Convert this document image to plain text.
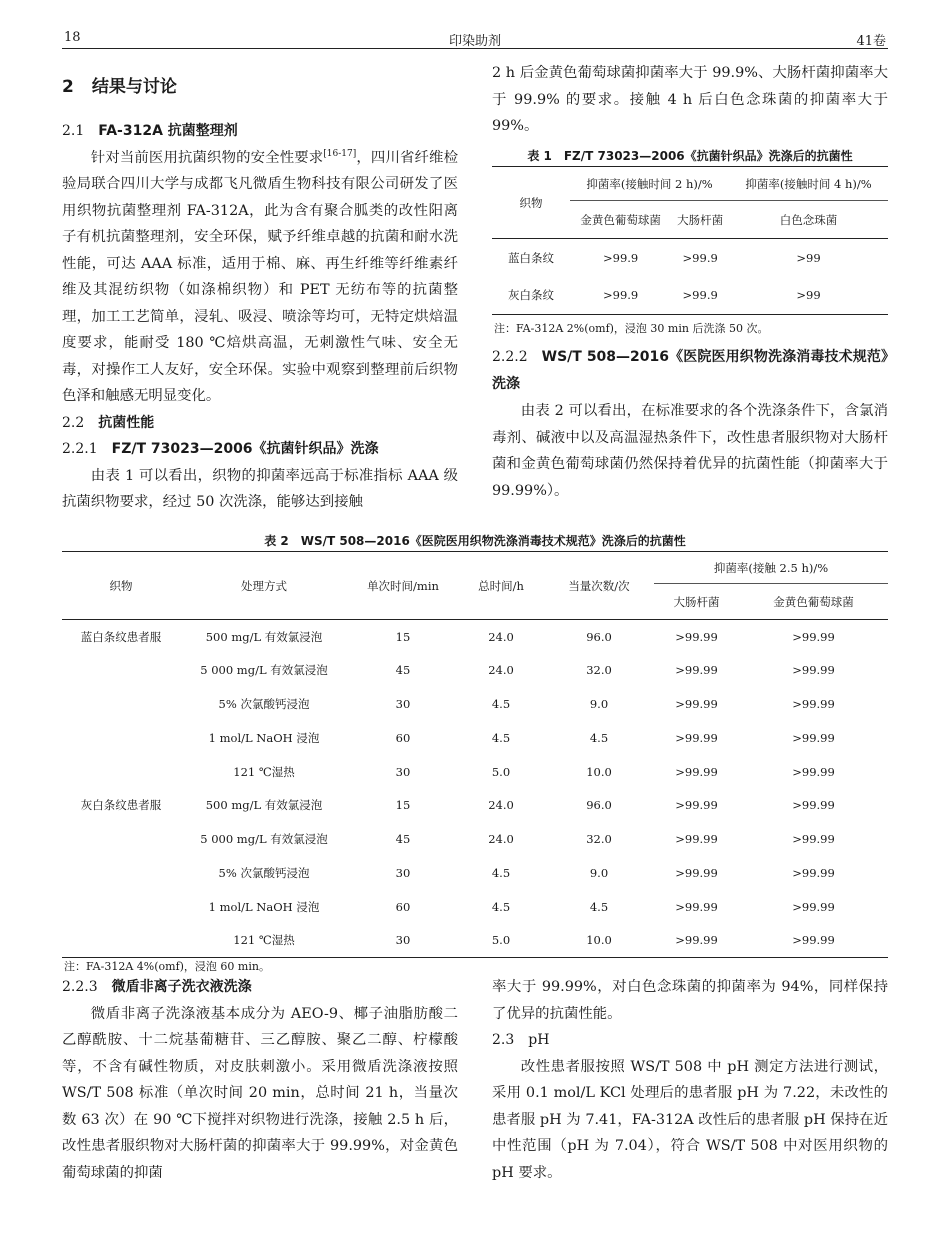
18	印染助剂	41卷

2 结果与讨论

2.1 FA-312A 抗菌整理剂

针对当前医用抗菌织物的安全性要求[16-17]，四川省纤维检验局联合四川大学与成都飞凡微盾生物科技有限公司研发了医用织物抗菌整理剂 FA-312A，此为含有聚合胍类的改性阳离子有机抗菌整理剂，安全环保，赋予纤维卓越的抗菌和耐水洗性能，可达 AAA 标准，适用于棉、麻、再生纤维等纤维素纤维及其混纺织物（如涤棉织物）和 PET 无纺布等的抗菌整理，加工工艺简单，浸轧、吸浸、喷涂等均可，无特定烘焙温度要求，能耐受 180 ℃焙烘高温，无刺激性气味、安全无毒，对操作工人友好，安全环保。实验中观察到整理前后织物色泽和触感无明显变化。

2.2 抗菌性能

2.2.1 FZ/T 73023—2006《抗菌针织品》洗涤

由表 1 可以看出，织物的抑菌率远高于标准指标 AAA 级抗菌织物要求，经过 50 次洗涤，能够达到接触

2 h 后金黄色葡萄球菌抑菌率大于 99.9%、大肠杆菌抑菌率大于 99.9% 的要求。接触 4 h 后白色念珠菌的抑菌率大于 99%。

表 1　FZ/T 73023—2006《抗菌针织品》洗涤后的抗菌性
织物	抑菌率(接触时间 2 h)/%		抑菌率(接触时间 4 h)/%
	金黄色葡萄球菌	大肠杆菌	白色念珠菌
蓝白条纹	>99.9	>99.9	>99
灰白条纹	>99.9	>99.9	>99
注：FA-312A 2%(omf)，浸泡 30 min 后洗涤 50 次。

2.2.2 WS/T 508—2016《医院医用织物洗涤消毒技术规范》洗涤

由表 2 可以看出，在标准要求的各个洗涤条件下，含氯消毒剂、碱液中以及高温湿热条件下，改性患者服织物对大肠杆菌和金黄色葡萄球菌仍然保持着优异的抗菌性能（抑菌率大于 99.99%）。

表 2　WS/T 508—2016《医院医用织物洗涤消毒技术规范》洗涤后的抗菌性
织物	处理方式	单次时间/min	总时间/h	当量次数/次	抑菌率(接触 2.5 h)/%	
					大肠杆菌	金黄色葡萄球菌
蓝白条纹患者服	500 mg/L 有效氯浸泡	15	24.0	96.0	>99.99	>99.99
	5 000 mg/L 有效氯浸泡	45	24.0	32.0	>99.99	>99.99
	5% 次氯酸钙浸泡	30	4.5	9.0	>99.99	>99.99
	1 mol/L NaOH 浸泡	60	4.5	4.5	>99.99	>99.99
	121 ℃湿热	30	5.0	10.0	>99.99	>99.99
灰白条纹患者服	500 mg/L 有效氯浸泡	15	24.0	96.0	>99.99	>99.99
	5 000 mg/L 有效氯浸泡	45	24.0	32.0	>99.99	>99.99
	5% 次氯酸钙浸泡	30	4.5	9.0	>99.99	>99.99
	1 mol/L NaOH 浸泡	60	4.5	4.5	>99.99	>99.99
	121 ℃湿热	30	5.0	10.0	>99.99	>99.99
注：FA-312A 4%(omf)，浸泡 60 min。

2.2.3 微盾非离子洗衣液洗涤

微盾非离子洗涤液基本成分为 AEO-9、椰子油脂肪酸二乙醇酰胺、十二烷基葡糖苷、三乙醇胺、聚乙二醇、柠檬酸等，不含有碱性物质，对皮肤刺激小。采用微盾洗涤液按照 WS/T 508 标准（单次时间 20 min，总时间 21 h，当量次数 63 次）在 90 ℃下搅拌对织物进行洗涤，接触 2.5 h 后，改性患者服织物对大肠杆菌的抑菌率大于 99.99%，对金黄色葡萄球菌的抑菌

率大于 99.99%，对白色念珠菌的抑菌率为 94%，同样保持了优异的抗菌性能。

2.3 pH

改性患者服按照 WS/T 508 中 pH 测定方法进行测试，采用 0.1 mol/L KCl 处理后的患者服 pH 为 7.22，未改性的患者服 pH 为 7.41，FA-312A 改性后的患者服 pH 保持在近中性范围（pH 为 7.04），符合 WS/T 508 中对医用织物的 pH 要求。
